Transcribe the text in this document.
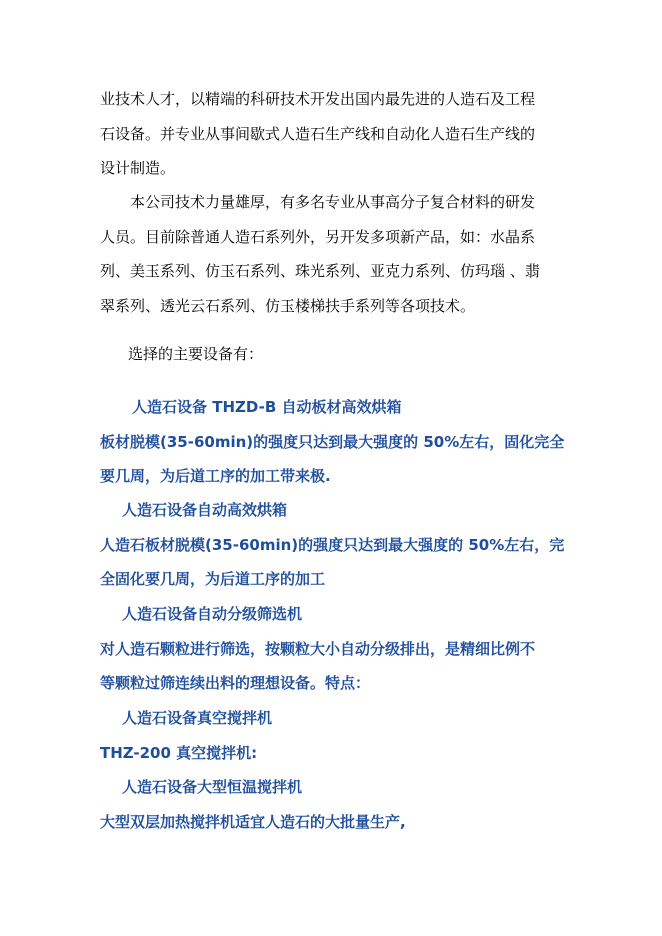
业技术人才，以精端的科研技术开发出国内最先进的人造石及工程
石设备。并专业从事间歇式人造石生产线和自动化人造石生产线的
设计制造。
本公司技术力量雄厚，有多名专业从事高分子复合材料的研发
人员。目前除普通人造石系列外，另开发多项新产品，如：水晶系
列、美玉系列、仿玉石系列、珠光系列、亚克力系列、仿玛瑙 、翡
翠系列、透光云石系列、仿玉楼梯扶手系列等各项技术。
选择的主要设备有：
人造石设备 THZD-B 自动板材高效烘箱
板材脱模(35-60min)的强度只达到最大强度的 50%左右，固化完全
要几周，为后道工序的加工带来极.
人造石设备自动高效烘箱
人造石板材脱模(35-60min)的强度只达到最大强度的 50%左右，完
全固化要几周，为后道工序的加工
人造石设备自动分级筛选机
对人造石颗粒进行筛选，按颗粒大小自动分级排出，是精细比例不
等颗粒过筛连续出料的理想设备。特点：
人造石设备真空搅拌机
THZ-200 真空搅拌机:
人造石设备大型恒温搅拌机
大型双层加热搅拌机适宜人造石的大批量生产,
